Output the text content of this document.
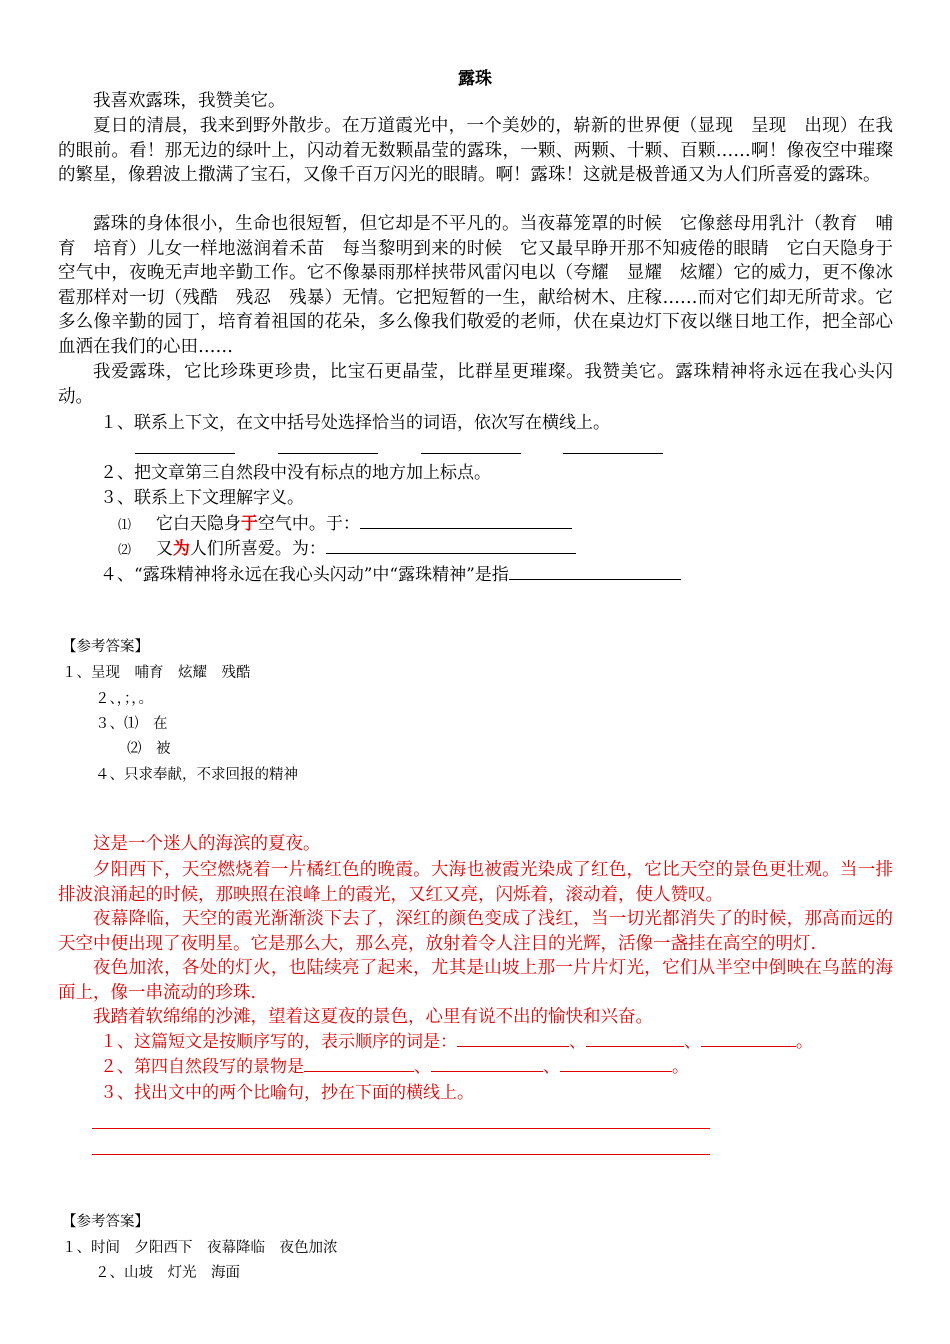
露珠

我喜欢露珠，我赞美它。

夏日的清晨，我来到野外散步。在万道霞光中，一个美妙的，崭新的世界便（显现　呈现　出现）在我的眼前。看！那无边的绿叶上，闪动着无数颗晶莹的露珠，一颗、两颗、十颗、百颗……啊！像夜空中璀璨的繁星，像碧波上撒满了宝石，又像千百万闪光的眼睛。啊！露珠！这就是极普通又为人们所喜爱的露珠。

露珠的身体很小，生命也很短暂，但它却是不平凡的。当夜幕笼罩的时候　它像慈母用乳汁（教育　哺育　培育）儿女一样地滋润着禾苗　每当黎明到来的时候　它又最早睁开那不知疲倦的眼睛　它白天隐身于空气中，夜晚无声地辛勤工作。它不像暴雨那样挟带风雷闪电以（夸耀　显耀　炫耀）它的威力，更不像冰雹那样对一切（残酷　残忍　残暴）无情。它把短暂的一生，献给树木、庄稼……而对它们却无所苛求。它多么像辛勤的园丁，培育着祖国的花朵，多么像我们敬爱的老师，伏在桌边灯下夜以继日地工作，把全部心血洒在我们的心田……

我爱露珠，它比珍珠更珍贵，比宝石更晶莹，比群星更璀璨。我赞美它。露珠精神将永远在我心头闪动。

１、联系上下文，在文中括号处选择恰当的词语，依次写在横线上。

２、把文章第三自然段中没有标点的地方加上标点。
３、联系上下文理解字义。
⑴ 它白天隐身于空气中。于：
⑵ 又为人们所喜爱。为：
４、“露珠精神将永远在我心头闪动”中“露珠精神”是指
【参考答案】
１、呈现　哺育　炫耀　残酷
２、，；，。
３、⑴　在
⑵　被
４、只求奉献，不求回报的精神

这是一个迷人的海滨的夏夜。

夕阳西下，天空燃烧着一片橘红色的晚霞。大海也被霞光染成了红色，它比天空的景色更壮观。当一排排波浪涌起的时候，那映照在浪峰上的霞光，又红又亮，闪烁着，滚动着，使人赞叹。

夜幕降临，天空的霞光渐渐淡下去了，深红的颜色变成了浅红，当一切光都消失了的时候，那高而远的天空中便出现了夜明星。它是那么大，那么亮，放射着令人注目的光辉，活像一盏挂在高空的明灯.

夜色加浓，各处的灯火，也陆续亮了起来，尤其是山坡上那一片片灯光，它们从半空中倒映在乌蓝的海面上，像一串流动的珍珠.

我踏着软绵绵的沙滩，望着这夏夜的景色，心里有说不出的愉快和兴奋。

１、这篇短文是按顺序写的，表示顺序的词是：	、	、	。
２、第四自然段写的景物是	、	、	。
３、找出文中的两个比喻句，抄在下面的横线上。
【参考答案】
１、时间　夕阳西下　夜幕降临　夜色加浓
２、山坡　灯光　海面
